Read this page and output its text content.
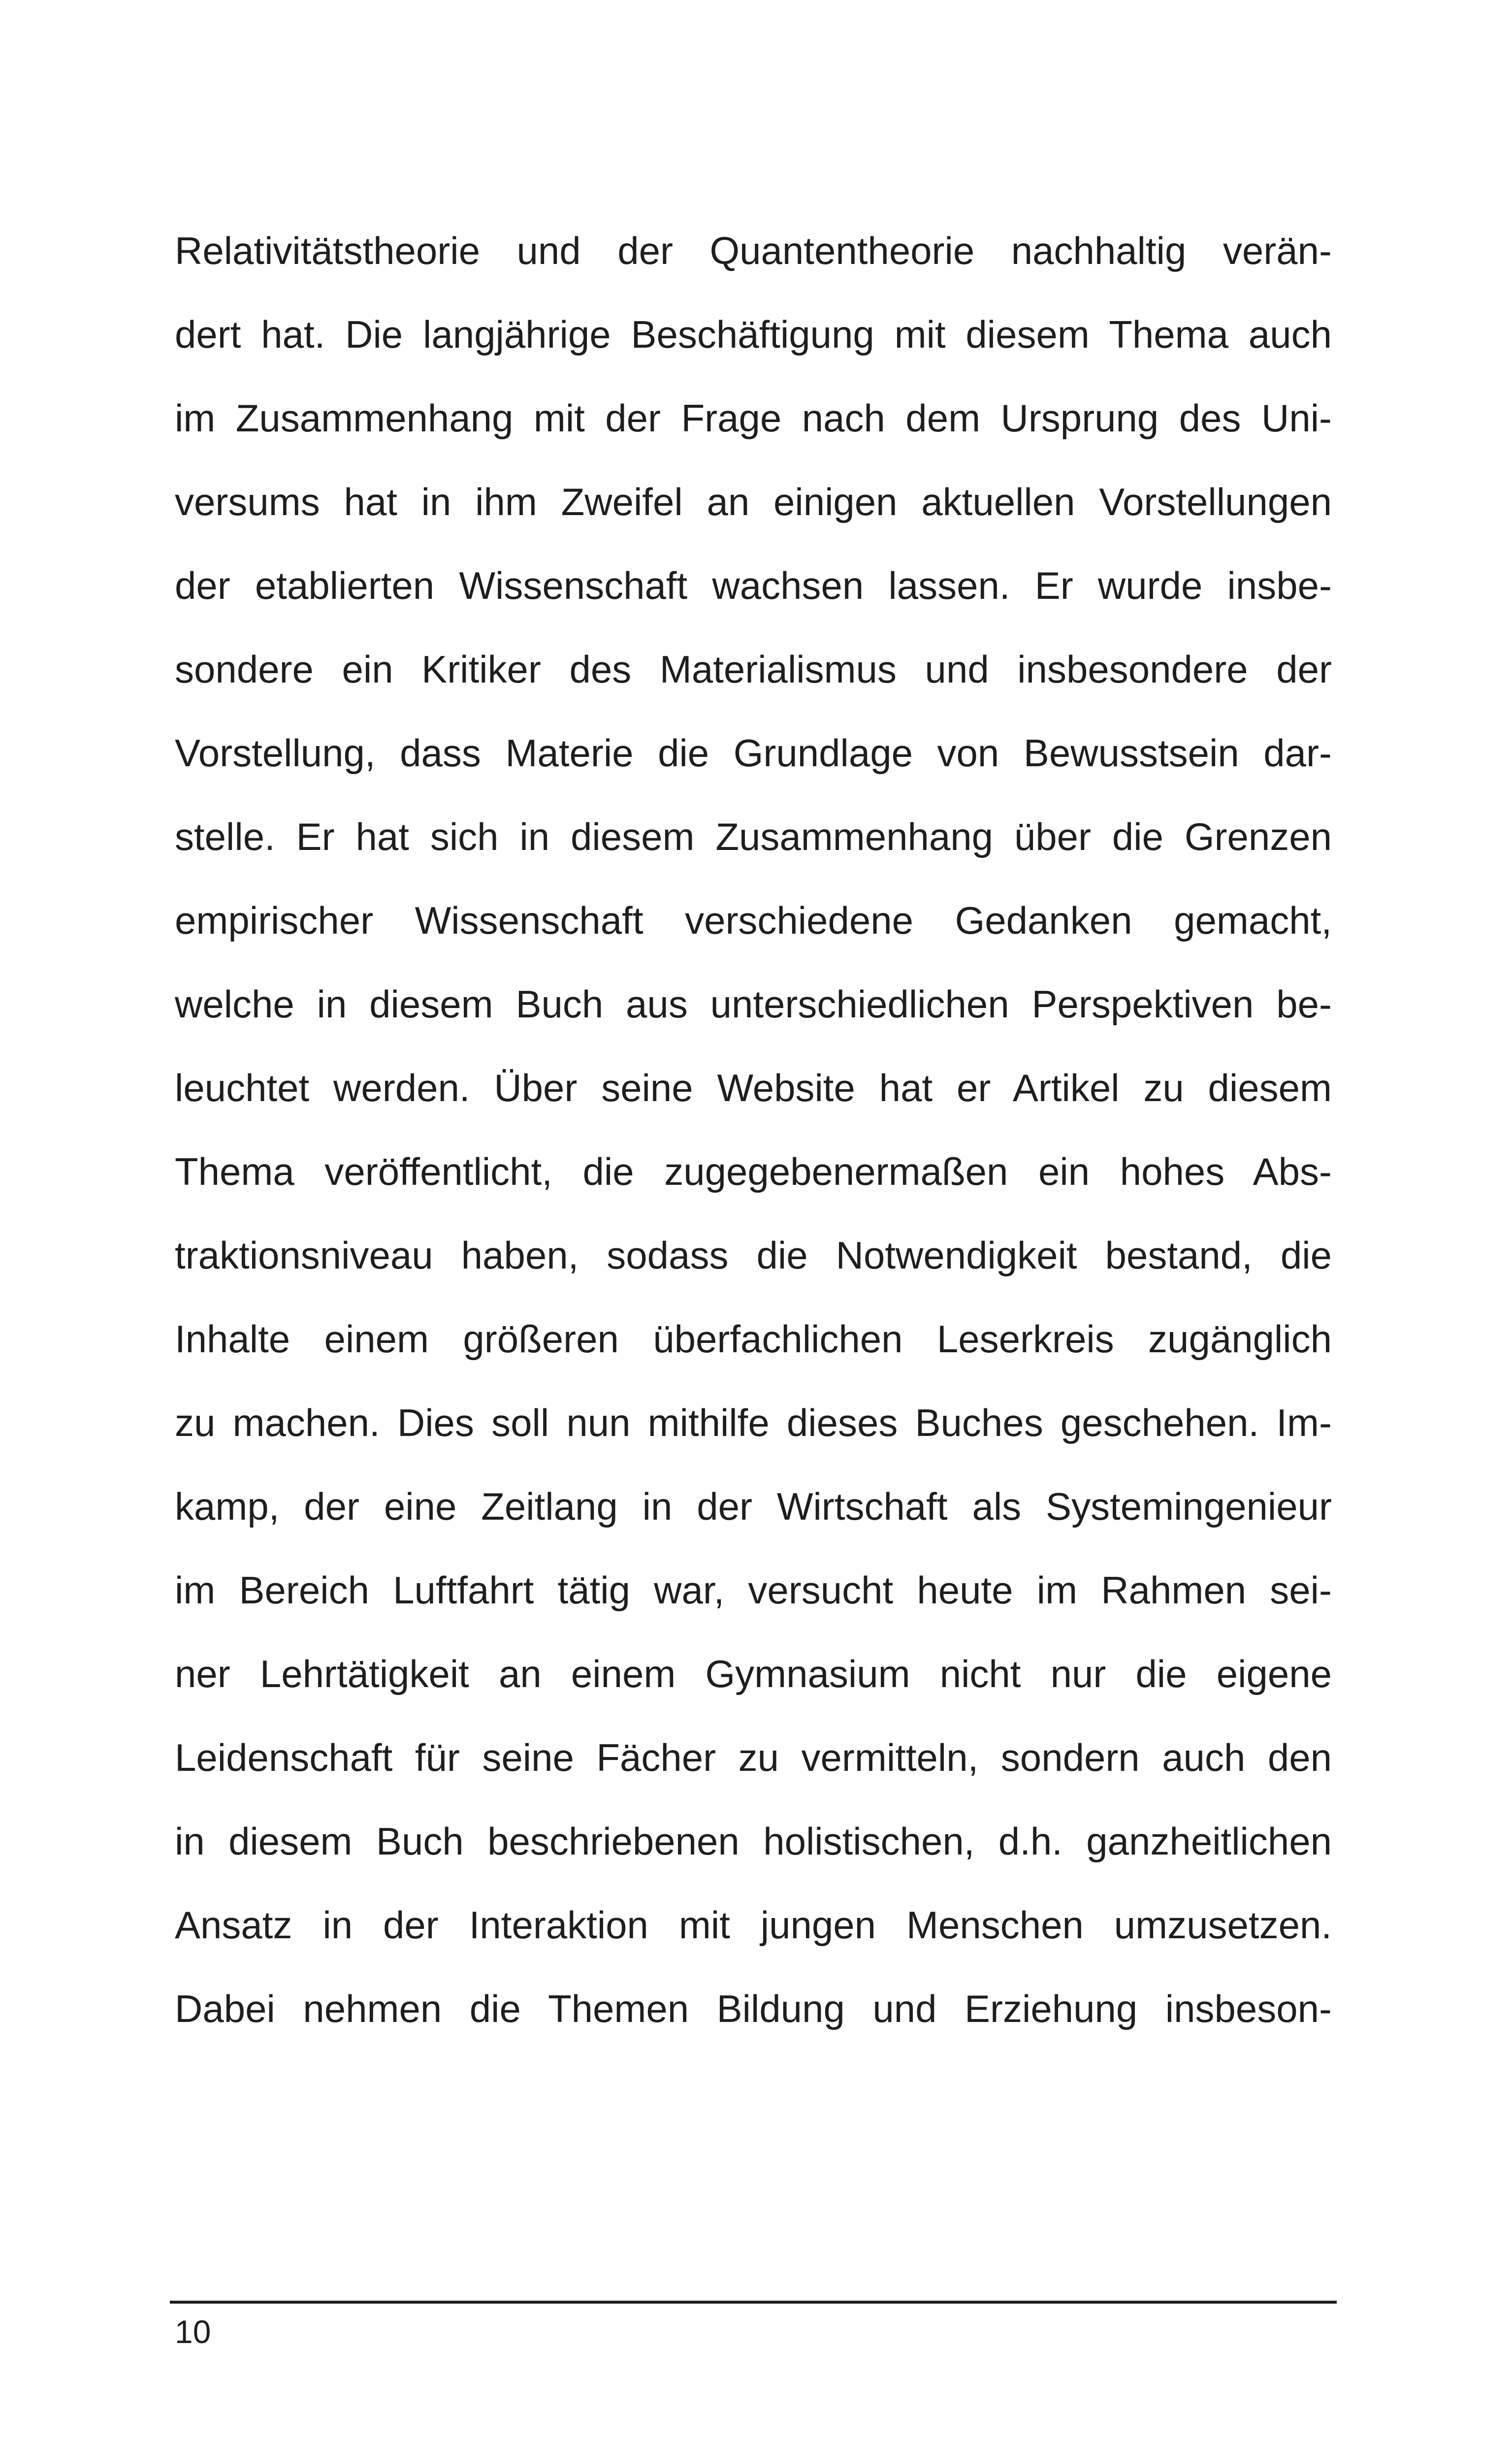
Relativitätstheorie und der Quantentheorie nachhaltig verän-
dert hat. Die langjährige Beschäftigung mit diesem Thema auch
im Zusammenhang mit der Frage nach dem Ursprung des Uni-
versums hat in ihm Zweifel an einigen aktuellen Vorstellungen
der etablierten Wissenschaft wachsen lassen. Er wurde insbe-
sondere ein Kritiker des Materialismus und insbesondere der
Vorstellung, dass Materie die Grundlage von Bewusstsein dar-
stelle. Er hat sich in diesem Zusammenhang über die Grenzen
empirischer Wissenschaft verschiedene Gedanken gemacht,
welche in diesem Buch aus unterschiedlichen Perspektiven be-
leuchtet werden. Über seine Website hat er Artikel zu diesem
Thema veröffentlicht, die zugegebenermaßen ein hohes Abs-
traktionsniveau haben, sodass die Notwendigkeit bestand, die
Inhalte einem größeren überfachlichen Leserkreis zugänglich
zu machen. Dies soll nun mithilfe dieses Buches geschehen. Im-
kamp, der eine Zeitlang in der Wirtschaft als Systemingenieur
im Bereich Luftfahrt tätig war, versucht heute im Rahmen sei-
ner Lehrtätigkeit an einem Gymnasium nicht nur die eigene
Leidenschaft für seine Fächer zu vermitteln, sondern auch den
in diesem Buch beschriebenen holistischen, d.h. ganzheitlichen
Ansatz in der Interaktion mit jungen Menschen umzusetzen.
Dabei nehmen die Themen Bildung und Erziehung insbeson-
10
